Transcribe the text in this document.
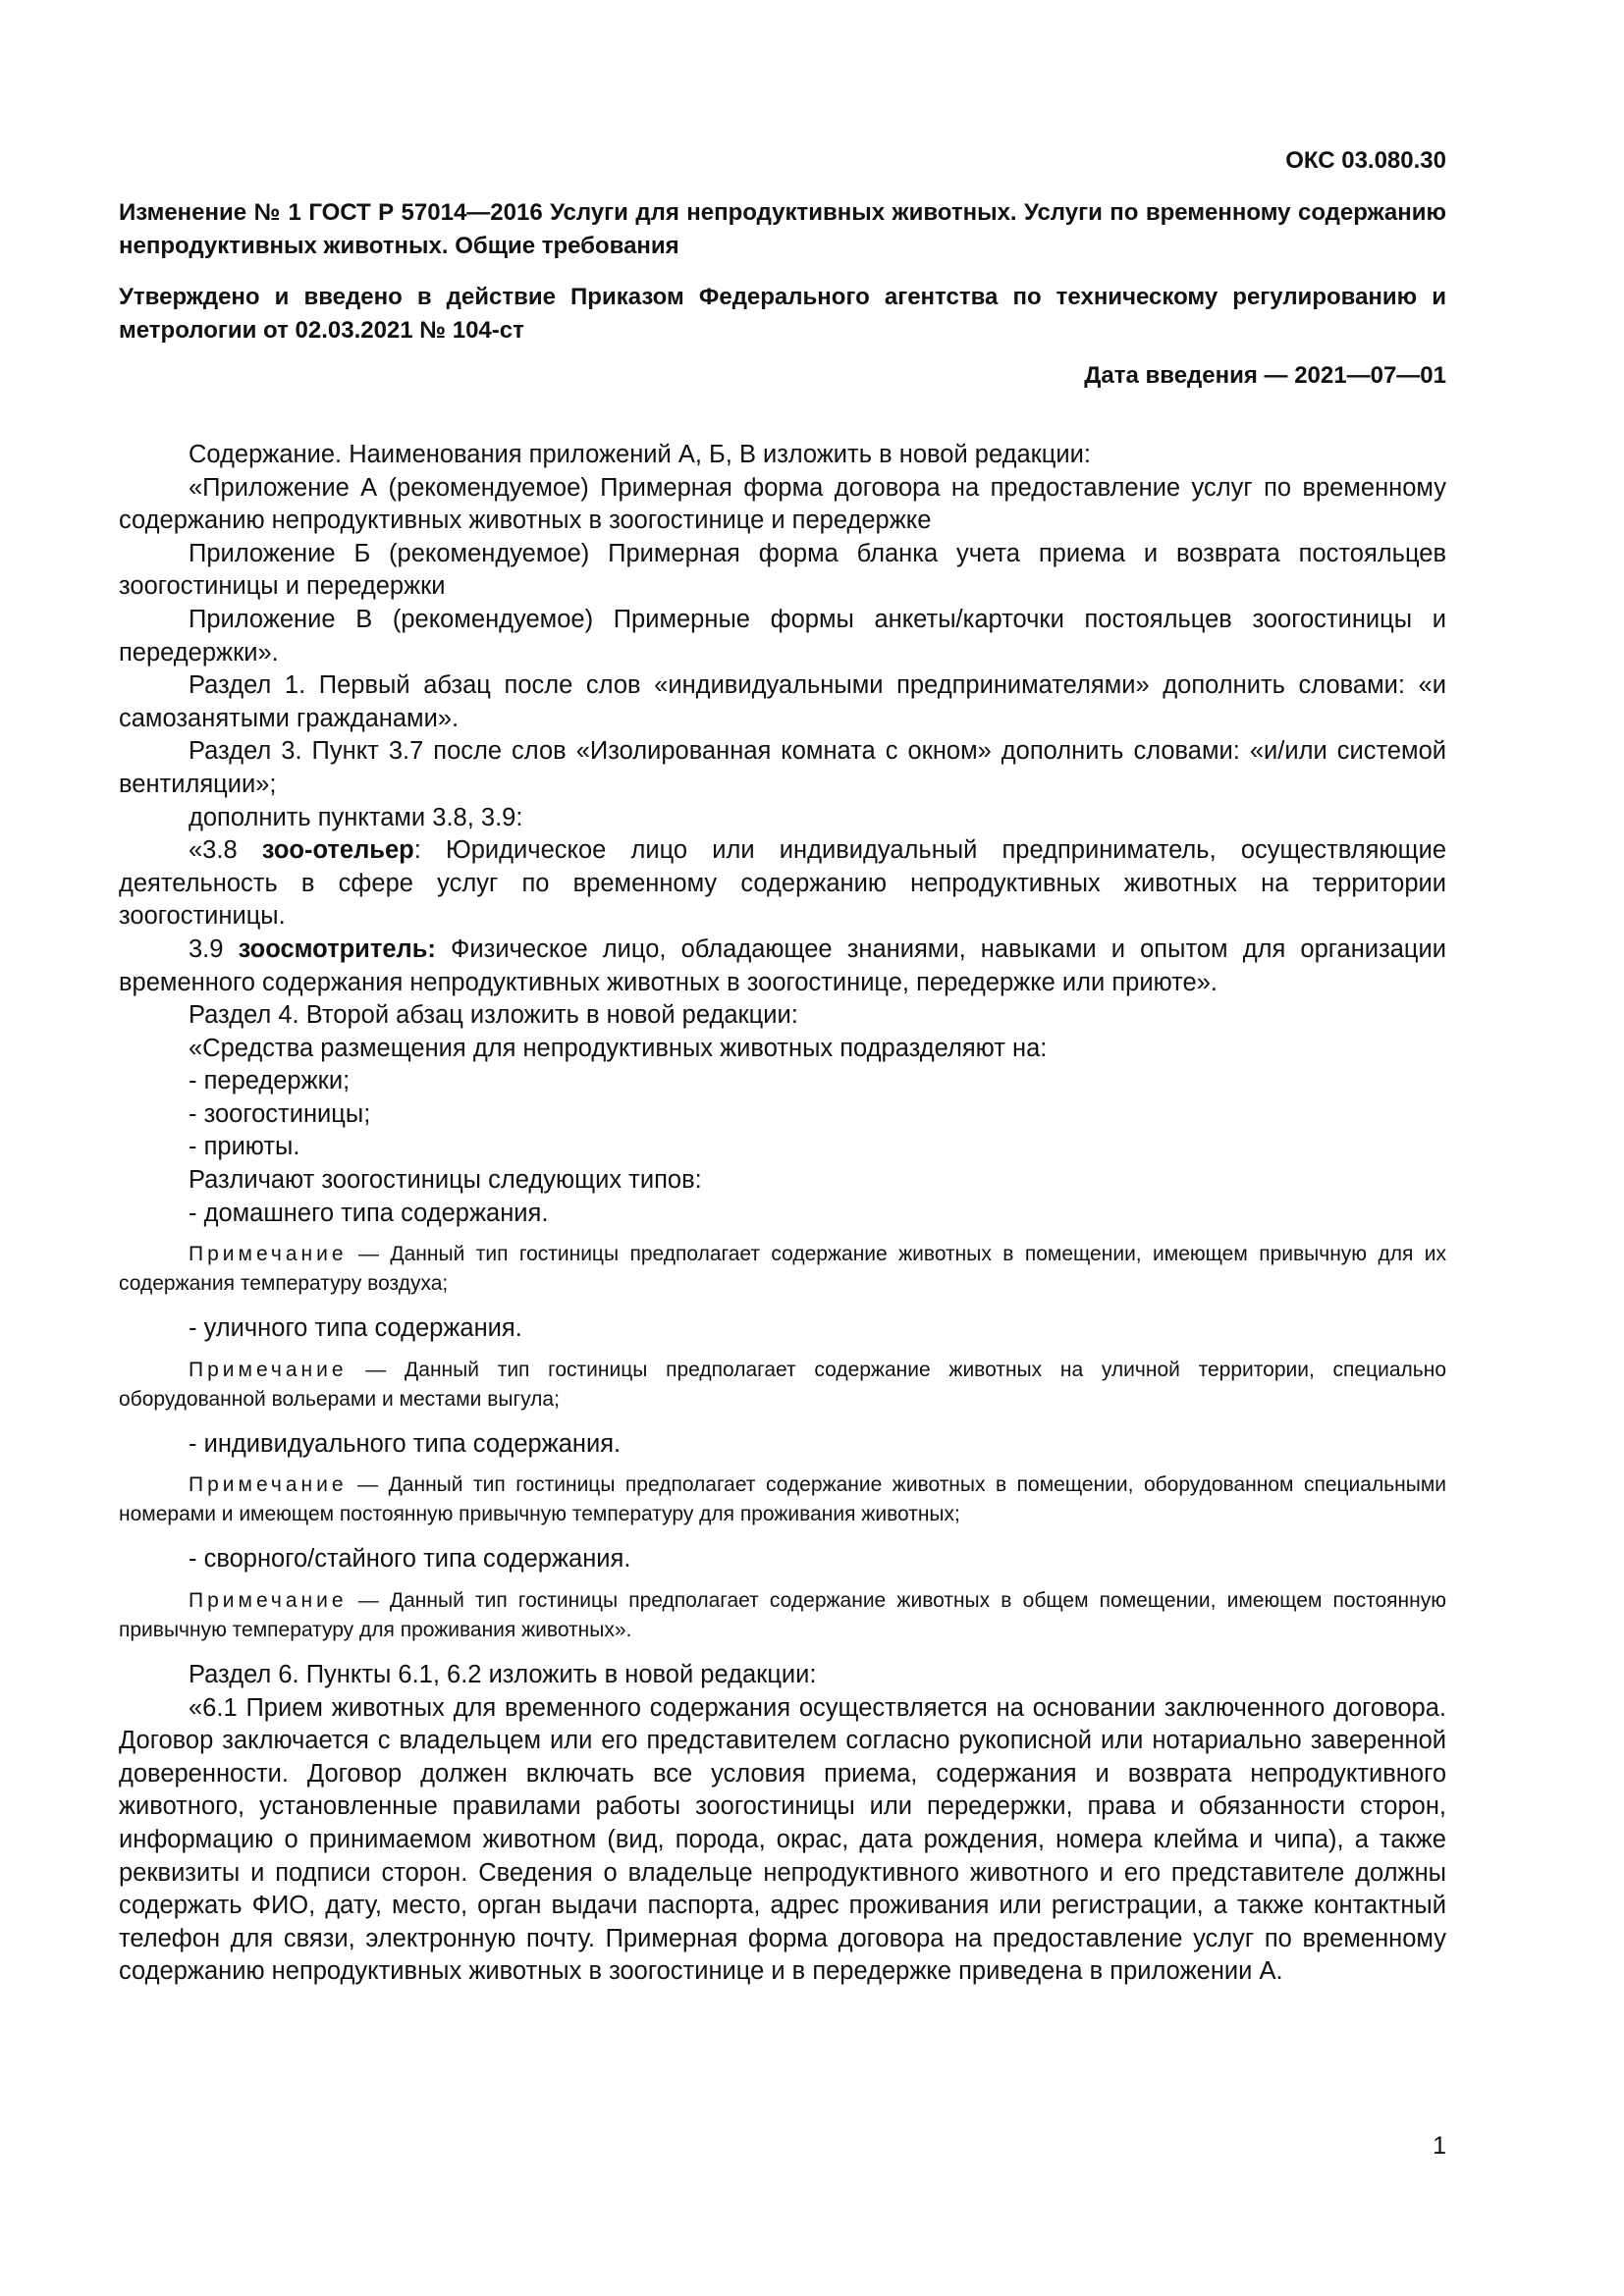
ОКС 03.080.30

Изменение № 1 ГОСТ Р 57014—2016 Услуги для непродуктивных животных. Услуги по временному содержанию непродуктивных животных. Общие требования

Утверждено и введено в действие Приказом Федерального агентства по техническому регулированию и метрологии от 02.03.2021 № 104-ст

Дата введения — 2021—07—01

Содержание. Наименования приложений А, Б, В изложить в новой редакции:

«Приложение А (рекомендуемое) Примерная форма договора на предоставление услуг по временному содержанию непродуктивных животных в зоогостинице и передержке

Приложение Б (рекомендуемое) Примерная форма бланка учета приема и возврата постояльцев зоогостиницы и передержки

Приложение В (рекомендуемое) Примерные формы анкеты/карточки постояльцев зоогостиницы и передержки».

Раздел 1. Первый абзац после слов «индивидуальными предпринимателями» дополнить словами: «и самозанятыми гражданами».

Раздел 3. Пункт 3.7 после слов «Изолированная комната с окном» дополнить словами: «и/или системой вентиляции»;

дополнить пунктами 3.8, 3.9:

«3.8 зоо-отельер: Юридическое лицо или индивидуальный предприниматель, осуществляющие деятельность в сфере услуг по временному содержанию непродуктивных животных на территории зоогостиницы.

3.9 зоосмотритель: Физическое лицо, обладающее знаниями, навыками и опытом для организации временного содержания непродуктивных животных в зоогостинице, передержке или приюте».

Раздел 4. Второй абзац изложить в новой редакции:

«Средства размещения для непродуктивных животных подразделяют на:

- передержки;

- зоогостиницы;

- приюты.

Различают зоогостиницы следующих типов:

- домашнего типа содержания.

Примечание — Данный тип гостиницы предполагает содержание животных в помещении, имеющем привычную для их содержания температуру воздуха;

- уличного типа содержания.

Примечание — Данный тип гостиницы предполагает содержание животных на уличной территории, специально оборудованной вольерами и местами выгула;

- индивидуального типа содержания.

Примечание — Данный тип гостиницы предполагает содержание животных в помещении, оборудованном специальными номерами и имеющем постоянную привычную температуру для проживания животных;

- сворного/стайного типа содержания.

Примечание — Данный тип гостиницы предполагает содержание животных в общем помещении, имеющем постоянную привычную температуру для проживания животных».

Раздел 6. Пункты 6.1, 6.2 изложить в новой редакции:

«6.1 Прием животных для временного содержания осуществляется на основании заключенного договора. Договор заключается с владельцем или его представителем согласно рукописной или нотариально заверенной доверенности. Договор должен включать все условия приема, содержания и возврата непродуктивного животного, установленные правилами работы зоогостиницы или передержки, права и обязанности сторон, информацию о принимаемом животном (вид, порода, окрас, дата рождения, номера клейма и чипа), а также реквизиты и подписи сторон. Сведения о владельце непродуктивного животного и его представителе должны содержать ФИО, дату, место, орган выдачи паспорта, адрес проживания или регистрации, а также контактный телефон для связи, электронную почту. Примерная форма договора на предоставление услуг по временному содержанию непродуктивных животных в зоогостинице и в передержке приведена в приложении А.

1
